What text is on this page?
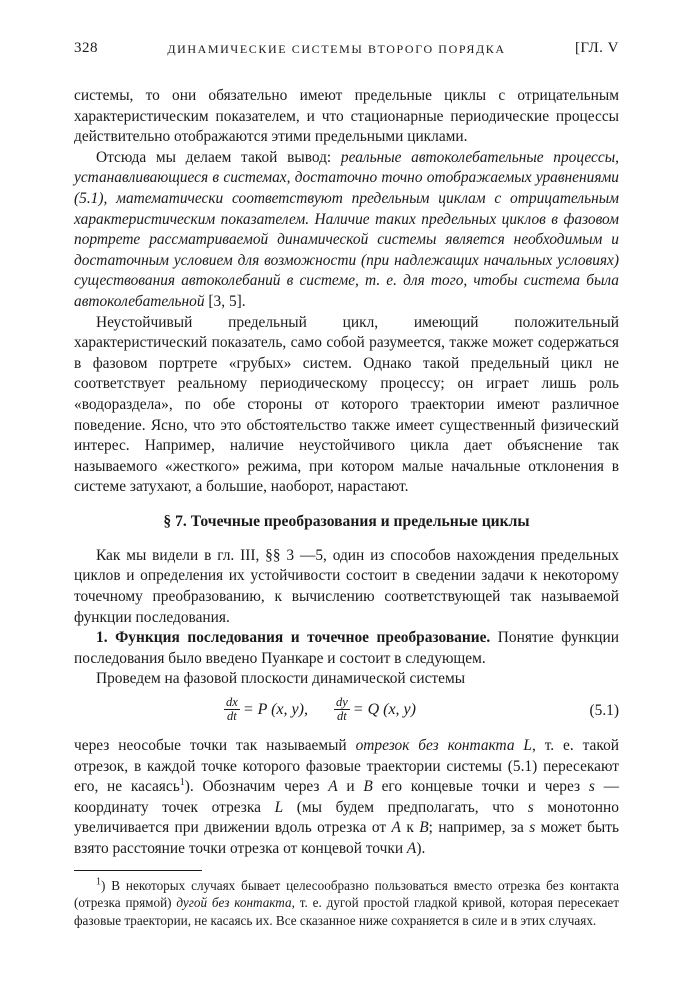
328	ДИНАМИЧЕСКИЕ СИСТЕМЫ ВТОРОГО ПОРЯДКА	[ГЛ. V

системы, то они обязательно имеют предельные циклы с отрицательным характеристическим показателем, и что стационарные периодические процессы действительно отображаются этими предельными циклами.

Отсюда мы делаем такой вывод: реальные автоколебательные процессы, устанавливающиеся в системах, достаточно точно отображаемых уравнениями (5.1), математически соответствуют предельным циклам с отрицательным характеристическим показателем. Наличие таких предельных циклов в фазовом портрете рассматриваемой динамической системы является необходимым и достаточным условием для возможности (при надлежащих начальных условиях) существования автоколебаний в системе, т. е. для того, чтобы система была автоколебательной [3, 5].

Неустойчивый предельный цикл, имеющий положительный характеристический показатель, само собой разумеется, также может содержаться в фазовом портрете «грубых» систем. Однако такой предельный цикл не соответствует реальному периодическому процессу; он играет лишь роль «водораздела», по обе стороны от которого траектории имеют различное поведение. Ясно, что это обстоятельство также имеет существенный физический интерес. Например, наличие неустойчивого цикла дает объяснение так называемого «жесткого» режима, при котором малые начальные отклонения в системе затухают, а большие, наоборот, нарастают.

§ 7. Точечные преобразования и предельные циклы

Как мы видели в гл. III, §§ 3 —5, один из способов нахождения предельных циклов и определения их устойчивости состоит в сведении задачи к некоторому точечному преобразованию, к вычислению соответствующей так называемой функции последования.

1. Функция последования и точечное преобразование. Понятие функции последования было введено Пуанкаре и состоит в следующем.

Проведем на фазовой плоскости динамической системы

$\frac{dx}{dt} = P$ (x, y), $\frac{dy}{dt} = Q$ (x, y)	(5.1)

через неособые точки так называемый отрезок без контакта L, т. е. такой отрезок, в каждой точке которого фазовые траектории системы (5.1) пересекают его, не касаясь$^1$). Обозначим через A и B его концевые точки и через s — координату точек отрезка L (мы будем предполагать, что s монотонно увеличивается при движении вдоль отрезка от A к B; например, за s может быть взято расстояние точки отрезка от концевой точки A).

$^1$) В некоторых случаях бывает целесообразно пользоваться вместо отрезка без контакта (отрезка прямой) дугой без контакта, т. е. дугой простой гладкой кривой, которая пересекает фазовые траектории, не касаясь их. Все сказанное ниже сохраняется в силе и в этих случаях.
